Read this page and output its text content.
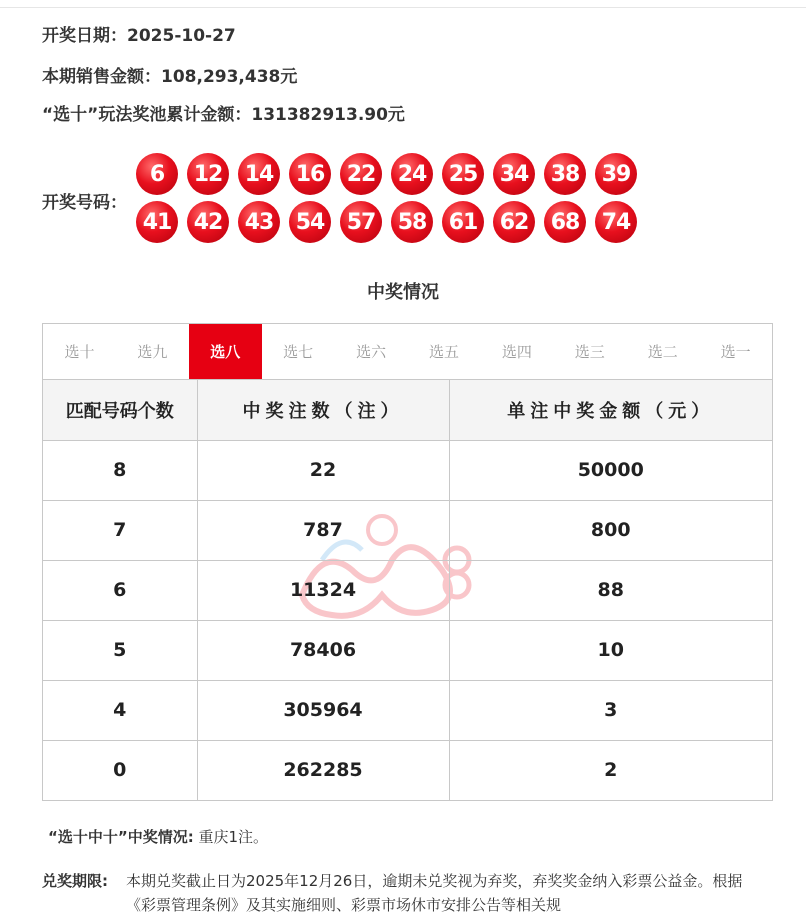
开奖日期：2025-10-27
本期销售金额：108,293,438元
“选十”玩法奖池累计金额：131382913.90元
开奖号码：
6	12	14	16	22	24	25	34	38	39
41	42	43	54	57	58	61	62	68	74
中奖情况
选十	选九	选八	选七	选六	选五	选四	选三	选二	选一
匹配号码个数	中奖注数（注）	单注中奖金额（元）
8	22	50000
7	787	800
6	11324	88
5	78406	10
4	305964	3
0	262285	2
“选十中十”中奖情况: 重庆1注。
兑奖期限:	本期兑奖截止日为2025年12月26日，逾期未兑奖视为弃奖，弃奖奖金纳入彩票公益金。根据《彩票管理条例》及其实施细则、彩票市场休市安排公告等相关规
